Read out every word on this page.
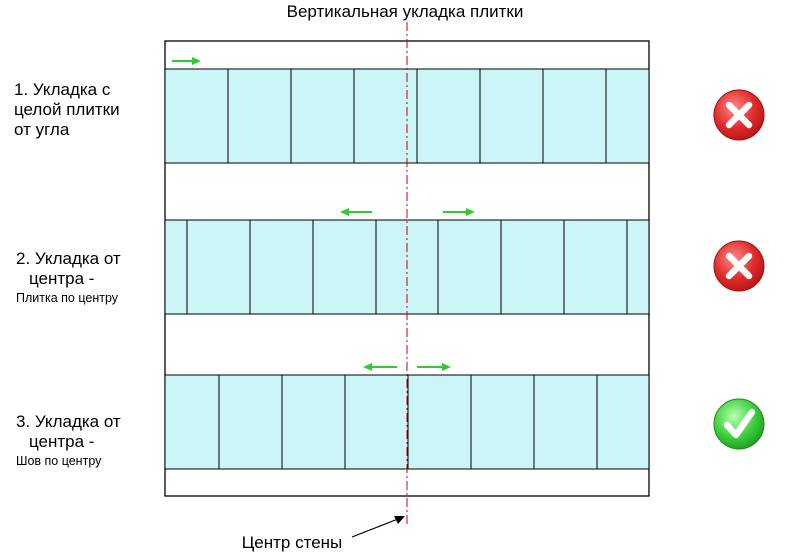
Вертикальная укладка плитки
Центр стены
1. Укладка с
целой плитки
от угла
2. Укладка от
центра -
Плитка по центру
3. Укладка от
центра -
Шов по центру
